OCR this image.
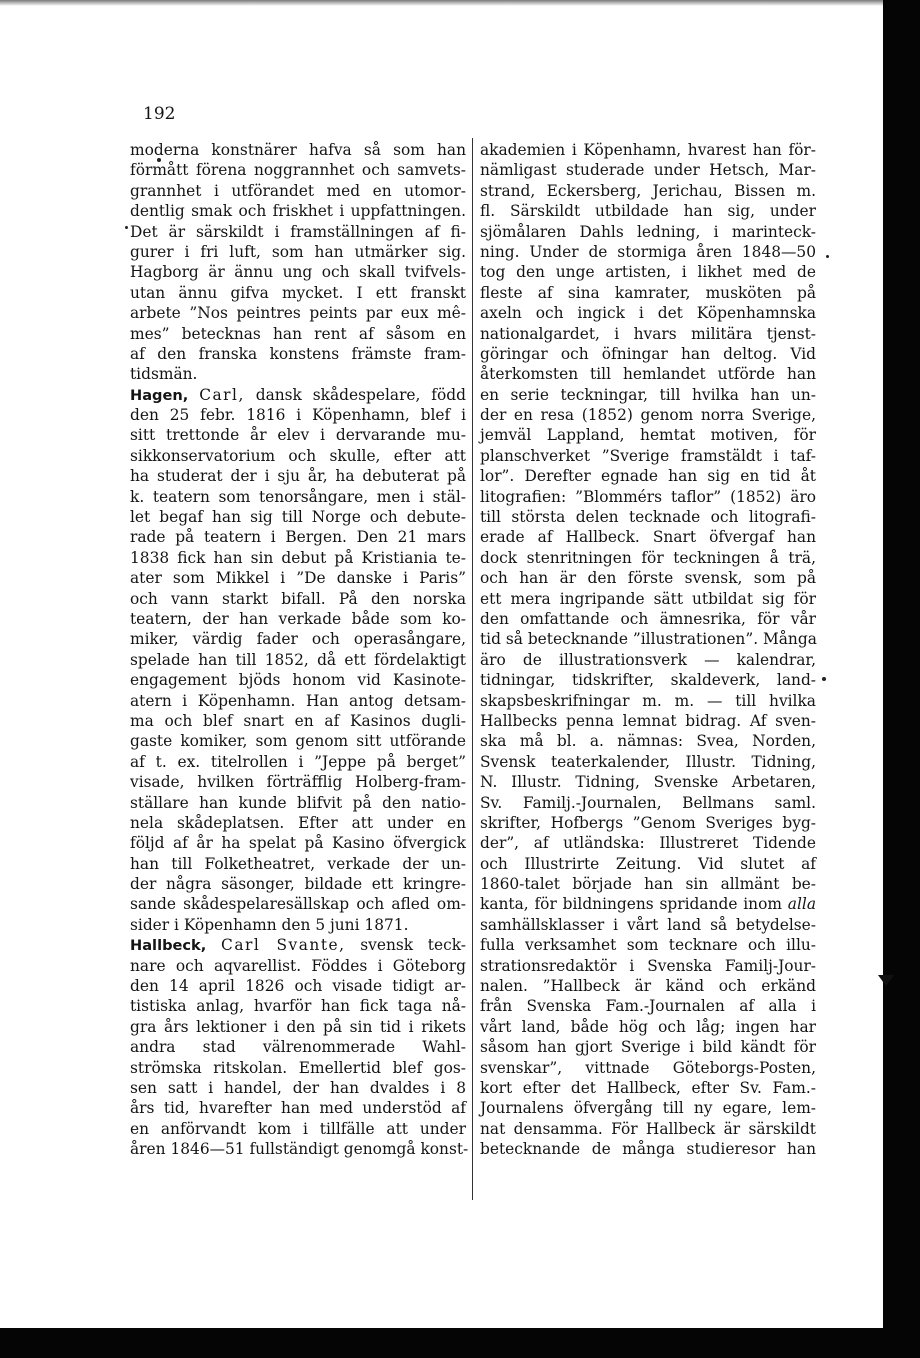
192
moderna konstnärer hafva så som han
förmått förena noggrannhet och samvets-
grannhet i utförandet med en utomor-
dentlig smak och friskhet i uppfattningen.
Det är särskildt i framställningen af fi-
gurer i fri luft, som han utmärker sig.
Hagborg är ännu ung och skall tvifvels-
utan ännu gifva mycket. I ett franskt
arbete ”Nos peintres peints par eux mê-
mes” betecknas han rent af såsom en
af den franska konstens främste fram-
tidsmän.
Hagen, Carl, dansk skådespelare, född
den 25 febr. 1816 i Köpenhamn, blef i
sitt trettonde år elev i dervarande mu-
sikkonservatorium och skulle, efter att
ha studerat der i sju år, ha debuterat på
k. teatern som tenorsångare, men i stäl-
let begaf han sig till Norge och debute-
rade på teatern i Bergen. Den 21 mars
1838 fick han sin debut på Kristiania te-
ater som Mikkel i ”De danske i Paris”
och vann starkt bifall. På den norska
teatern, der han verkade både som ko-
miker, värdig fader och operasångare,
spelade han till 1852, då ett fördelaktigt
engagement bjöds honom vid Kasinote-
atern i Köpenhamn. Han antog detsam-
ma och blef snart en af Kasinos dugli-
gaste komiker, som genom sitt utförande
af t. ex. titelrollen i ”Jeppe på berget”
visade, hvilken förträfflig Holberg-fram-
ställare han kunde blifvit på den natio-
nela skådeplatsen. Efter att under en
följd af år ha spelat på Kasino öfvergick
han till Folketheatret, verkade der un-
der några säsonger, bildade ett kringre-
sande skådespelaresällskap och afled om-
sider i Köpenhamn den 5 juni 1871.
Hallbeck, Carl Svante, svensk teck-
nare och aqvarellist. Föddes i Göteborg
den 14 april 1826 och visade tidigt ar-
tistiska anlag, hvarför han fick taga nå-
gra års lektioner i den på sin tid i rikets
andra stad välrenommerade Wahl-
strömska ritskolan. Emellertid blef gos-
sen satt i handel, der han dvaldes i 8
års tid, hvarefter han med understöd af
en anförvandt kom i tillfälle att under
åren 1846—51 fullständigt genomgå konst-
akademien i Köpenhamn, hvarest han för-
nämligast studerade under Hetsch, Mar-
strand, Eckersberg, Jerichau, Bissen m.
fl. Särskildt utbildade han sig, under
sjömålaren Dahls ledning, i marinteck-
ning. Under de stormiga åren 1848—50
tog den unge artisten, i likhet med de
fleste af sina kamrater, musköten på
axeln och ingick i det Köpenhamnska
nationalgardet, i hvars militära tjenst-
göringar och öfningar han deltog. Vid
återkomsten till hemlandet utförde han
en serie teckningar, till hvilka han un-
der en resa (1852) genom norra Sverige,
jemväl Lappland, hemtat motiven, för
planschverket ”Sverige framstäldt i taf-
lor”. Derefter egnade han sig en tid åt
litografien: ”Blommérs taflor” (1852) äro
till största delen tecknade och litografi-
erade af Hallbeck. Snart öfvergaf han
dock stenritningen för teckningen å trä,
och han är den förste svensk, som på
ett mera ingripande sätt utbildat sig för
den omfattande och ämnesrika, för vår
tid så betecknande ”illustrationen”. Många
äro de illustrationsverk — kalendrar,
tidningar, tidskrifter, skaldeverk, land-
skapsbeskrifningar m. m. — till hvilka
Hallbecks penna lemnat bidrag. Af sven-
ska må bl. a. nämnas: Svea, Norden,
Svensk teaterkalender, Illustr. Tidning,
N. Illustr. Tidning, Svenske Arbetaren,
Sv. Familj.-Journalen, Bellmans saml.
skrifter, Hofbergs ”Genom Sveriges byg-
der”, af utländska: Illustreret Tidende
och Illustrirte Zeitung. Vid slutet af
1860-talet började han sin allmänt be-
kanta, för bildningens spridande inom alla
samhällsklasser i vårt land så betydelse-
fulla verksamhet som tecknare och illu-
strationsredaktör i Svenska Familj-Jour-
nalen. ”Hallbeck är känd och erkänd
från Svenska Fam.-Journalen af alla i
vårt land, både hög och låg; ingen har
såsom han gjort Sverige i bild kändt för
svenskar”, vittnade Göteborgs-Posten,
kort efter det Hallbeck, efter Sv. Fam.-
Journalens öfvergång till ny egare, lem-
nat densamma. För Hallbeck är särskildt
betecknande de många studieresor han
